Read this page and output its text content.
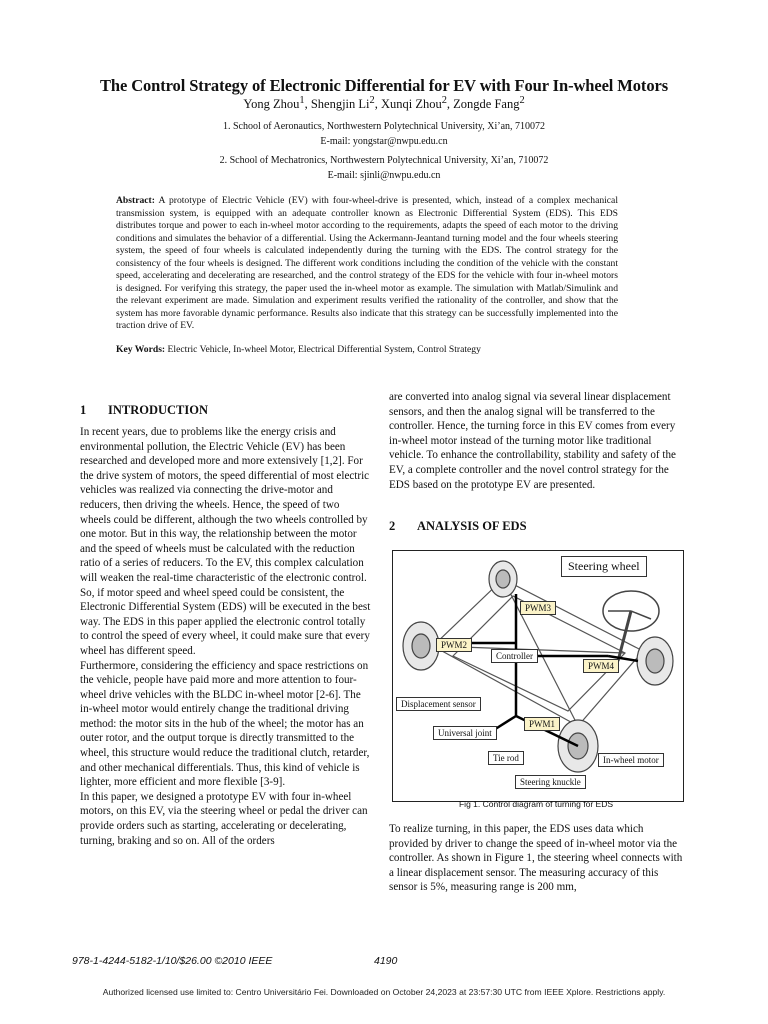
The Control Strategy of Electronic Differential for EV with Four In-wheel Motors
Yong Zhou$^1$, Shengjin Li$^2$, Xunqi Zhou$^2$, Zongde Fang$^2$
1. School of Aeronautics, Northwestern Polytechnical University, Xi’an, 710072
E-mail: yongstar@nwpu.edu.cn
2. School of Mechatronics, Northwestern Polytechnical University, Xi’an, 710072
E-mail: sjinli@nwpu.edu.cn

Abstract: A prototype of Electric Vehicle (EV) with four-wheel-drive is presented, which, instead of a complex mechanical transmission system, is equipped with an adequate controller known as Electronic Differential System (EDS). This EDS distributes torque and power to each in-wheel motor according to the requirements, adapts the speed of each motor to the driving conditions and simulates the behavior of a differential. Using the Ackermann-Jeantand turning model and the four wheels steering system, the speed of four wheels is calculated independently during the turning with the EDS. The control strategy for the consistency of the four wheels is designed. The different work conditions including the condition of the vehicle with the constant speed, accelerating and decelerating are researched, and the control strategy of the EDS for the vehicle with four in-wheel motors is designed. For verifying this strategy, the paper used the in-wheel motor as example. The simulation with Matlab/Simulink and the relevant experiment are made. Simulation and experiment results verified the rationality of the controller, and show that the system has more favorable dynamic performance. Results also indicate that this strategy can be successfully implemented into the traction drive of EV.

Key Words: Electric Vehicle, In-wheel Motor, Electrical Differential System, Control Strategy

1 INTRODUCTION

In recent years, due to problems like the energy crisis and environmental pollution, the Electric Vehicle (EV) has been researched and developed more and more extensively [1,2]. For the drive system of motors, the speed differential of most electric vehicles was realized via connecting the drive-motor and reducers, then driving the wheels. Hence, the speed of two wheels could be different, although the two wheels controlled by one motor. But in this way, the relationship between the motor and the speed of wheels must be calculated with the reduction ratio of a series of reducers. To the EV, this complex calculation will weaken the real-time characteristic of the electronic control. So, if motor speed and wheel speed could be consistent, the Electronic Differential System (EDS) will be executed in the best way. The EDS in this paper applied the electronic control totally to control the speed of every wheel, it could make sure that every wheel has different speed.

Furthermore, considering the efficiency and space restrictions on the vehicle, people have paid more and more attention to four-wheel drive vehicles with the BLDC in-wheel motor [2-6]. The in-wheel motor would entirely change the traditional driving method: the motor sits in the hub of the wheel; the motor has an outer rotor, and the output torque is directly transmitted to the wheel, this structure would reduce the traditional clutch, retarder, and other mechanical differentials. Thus, this kind of vehicle is lighter, more efficient and more flexible [3-9].

In this paper, we designed a prototype EV with four in-wheel motors, on this EV, via the steering wheel or pedal the driver can provide orders such as starting, accelerating or decelerating, turning, braking and so on. All of the orders

are converted into analog signal via several linear displacement sensors, and then the analog signal will be transferred to the controller. Hence, the turning force in this EV comes from every in-wheel motor instead of the turning motor like traditional vehicle. To enhance the controllability, stability and safety of the EV, a complete controller and the novel control strategy for the EDS based on the prototype EV are presented.

2 ANALYSIS OF EDS
Steering wheel
PWM3
PWM2
Controller
PWM4
Displacement sensor
PWM1
Universal joint
Tie rod	In-wheel motor
Steering knuckle
Fig 1. Control diagram of turning for EDS

To realize turning, in this paper, the EDS uses data which provided by driver to change the speed of in-wheel motor via the controller. As shown in Figure 1, the steering wheel connects with a linear displacement sensor. The measuring accuracy of this sensor is 5%, measuring range is 200 mm,

978-1-4244-5182-1/10/$26.00 ©2010 IEEE	4190
Authorized licensed use limited to: Centro Universitário Fei. Downloaded on October 24,2023 at 23:57:30 UTC from IEEE Xplore. Restrictions apply.
